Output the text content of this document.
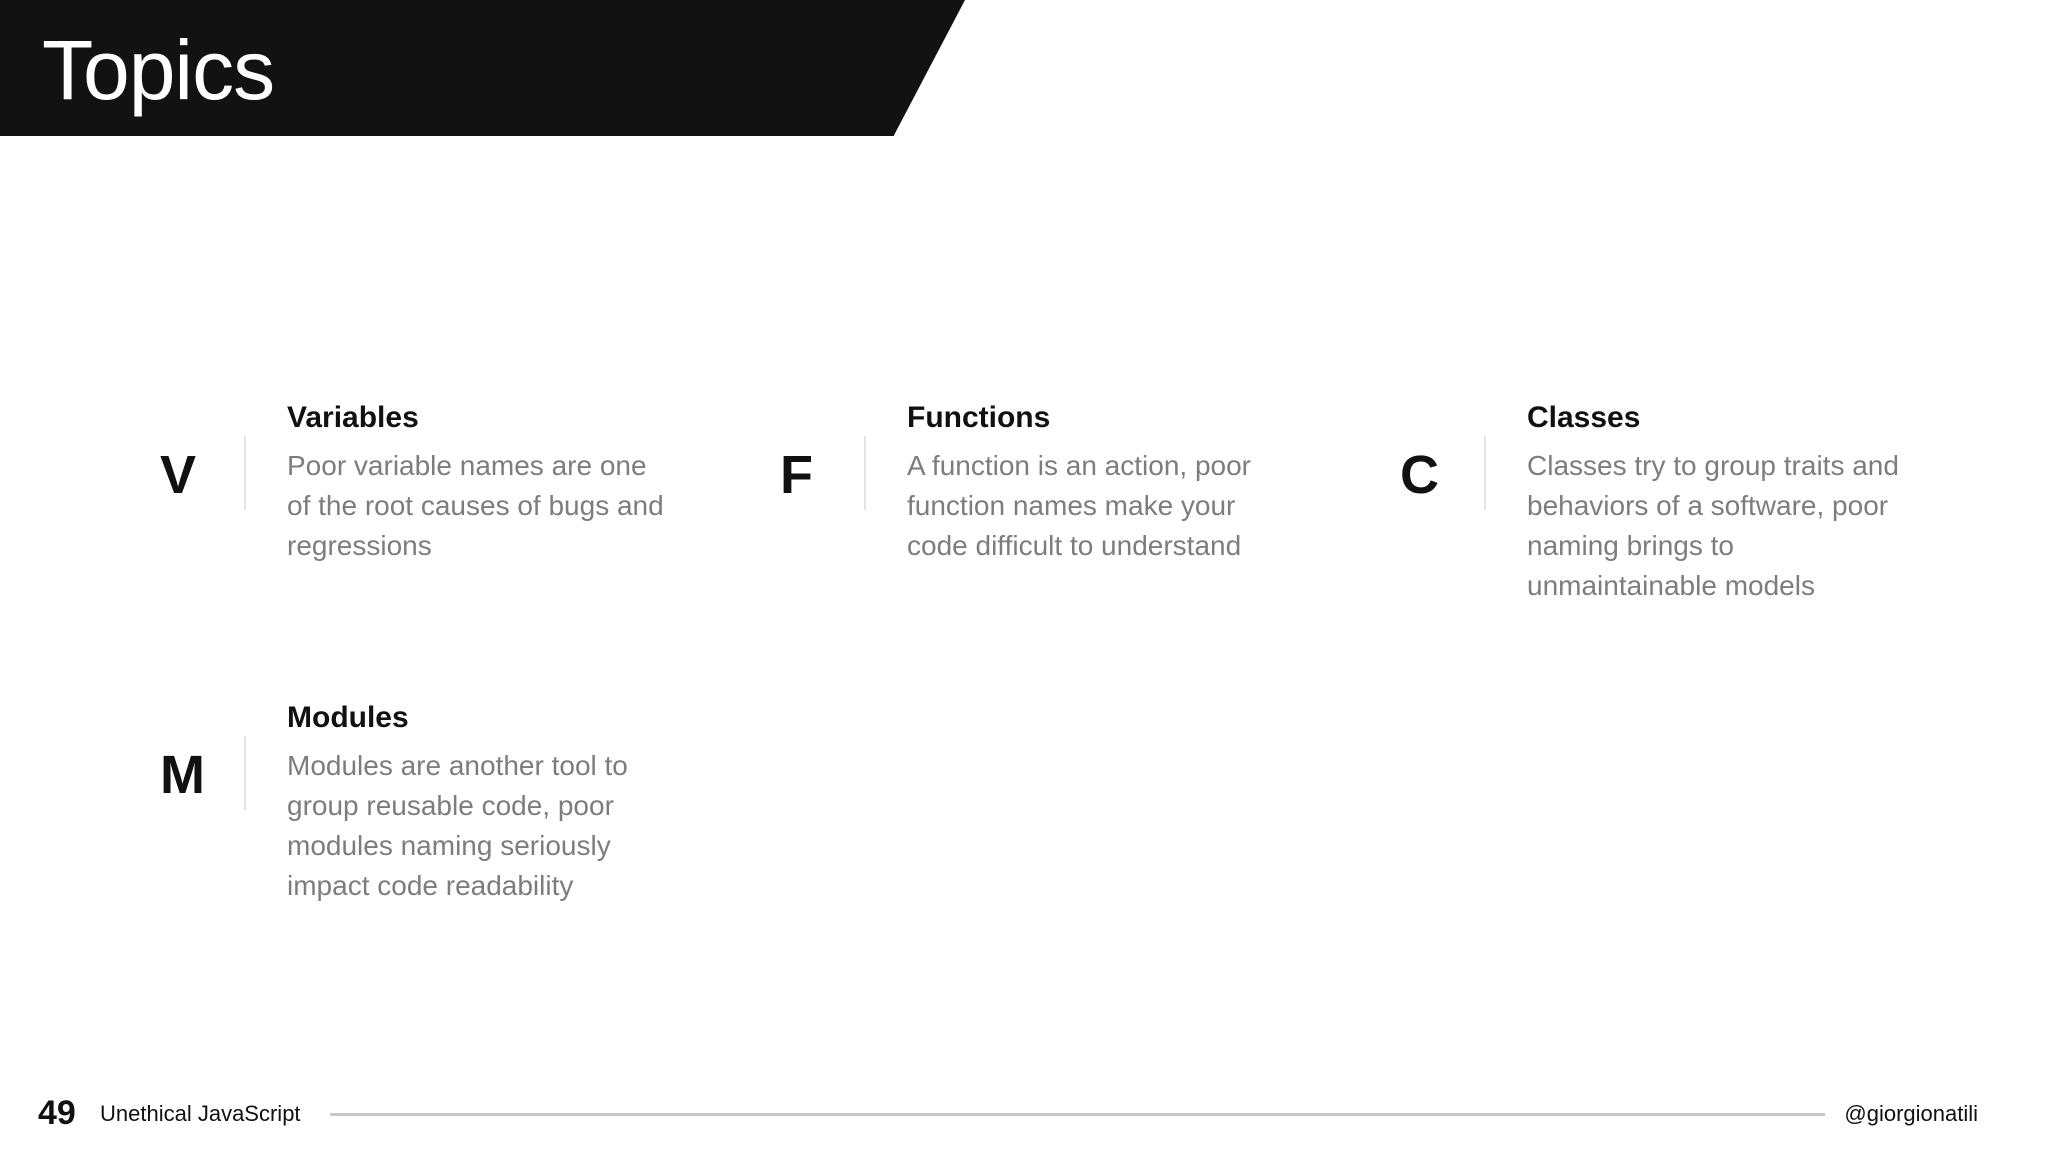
Topics
V
Variables
Poor variable names are one of the root causes of bugs and regressions
F
Functions
A function is an action, poor function names make your code difficult to understand
C
Classes
Classes try to group traits and behaviors of a software, poor naming brings to unmaintainable models
M
Modules
Modules are another tool to group reusable code, poor modules naming seriously impact code readability
49 Unethical JavaScript	@giorgionatili
